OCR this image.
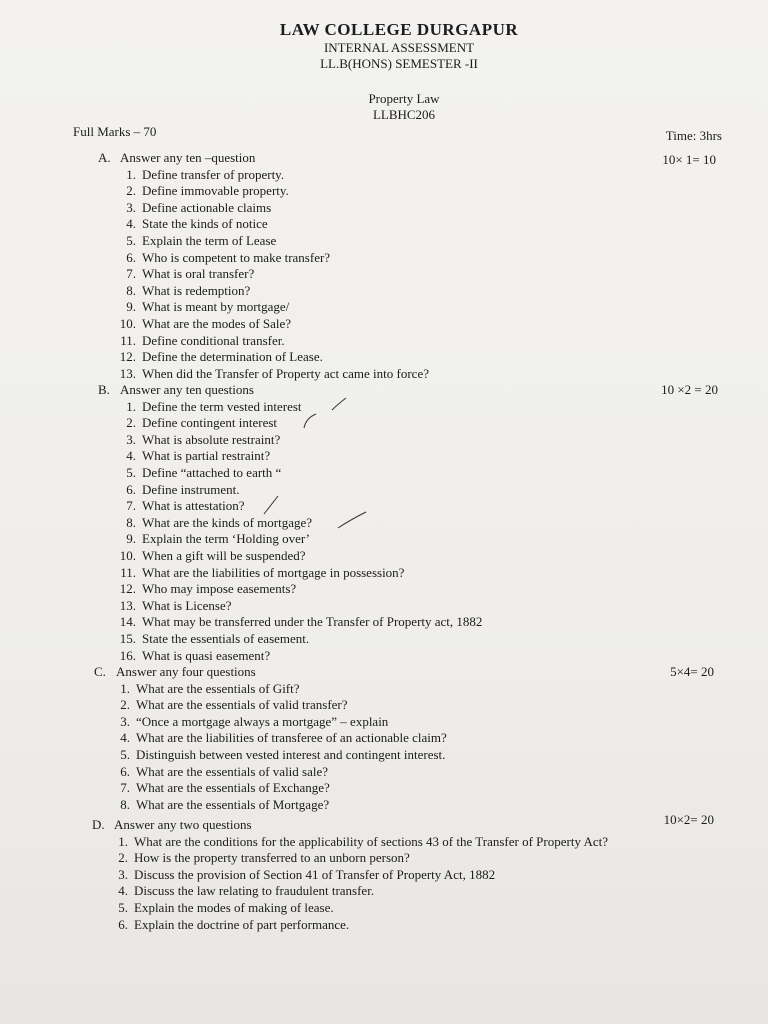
LAW COLLEGE DURGAPUR
INTERNAL ASSESSMENT
LL.B(HONS) SEMESTER -II
Property Law
LLBHC206
Full Marks – 70	Time: 3hrs
A. Answer any ten –question
1. Define transfer of property.
2. Define immovable property.
3. Define actionable claims
4. State the kinds of notice
5. Explain the term of Lease
6. Who is competent to make transfer?
7. What is oral transfer?
8. What is redemption?
9. What is meant by mortgage/
10. What are the modes of Sale?
11. Define conditional transfer.
12. Define the determination of Lease.
13. When did the Transfer of Property act came into force?
10× 1= 10
B. Answer any ten questions
1. Define the term vested interest
2. Define contingent interest
3. What is absolute restraint?
4. What is partial restraint?
5. Define “attached to earth “
6. Define instrument.
7. What is attestation?
8. What are the kinds of mortgage?
9. Explain the term ‘Holding over’
10. When a gift will be suspended?
11. What are the liabilities of mortgage in possession?
12. Who may impose easements?
13. What is License?
14. What may be transferred under the Transfer of Property act, 1882
15. State the essentials of easement.
16. What is quasi easement?
10 ×2 = 20
C. Answer any four questions
1. What are the essentials of Gift?
2. What are the essentials of valid transfer?
3. “Once a mortgage always a mortgage” – explain
4. What are the liabilities of transferee of an actionable claim?
5. Distinguish between vested interest and contingent interest.
6. What are the essentials of valid sale?
7. What are the essentials of Exchange?
8. What are the essentials of Mortgage?
5×4= 20
D. Answer any two questions
1. What are the conditions for the applicability of sections 43 of the Transfer of Property Act?
2. How is the property transferred to an unborn person?
3. Discuss the provision of Section 41 of Transfer of Property Act, 1882
4. Discuss the law relating to fraudulent transfer.
5. Explain the modes of making of lease.
6. Explain the doctrine of part performance.
10×2= 20
